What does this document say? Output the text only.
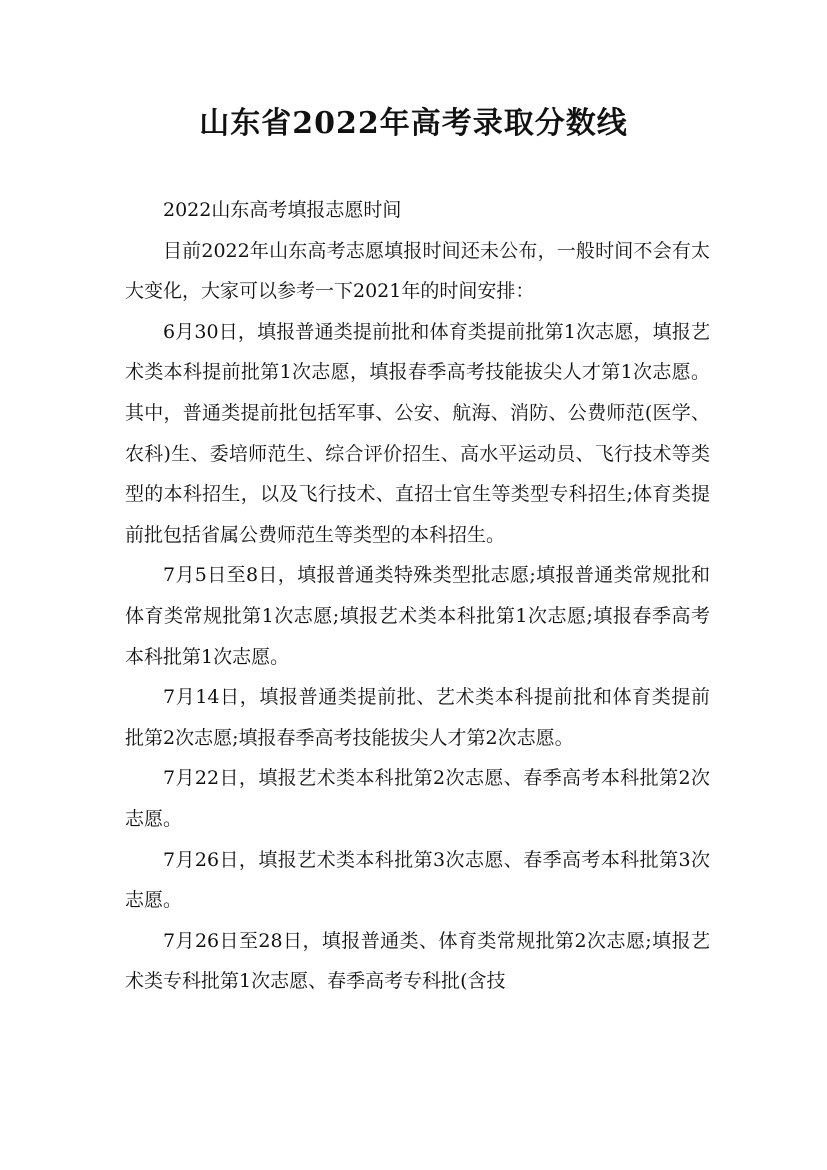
山东省2022年高考录取分数线

2022山东高考填报志愿时间

目前2022年山东高考志愿填报时间还未公布，一般时间不会有太大变化，大家可以参考一下2021年的时间安排：

6月30日，填报普通类提前批和体育类提前批第1次志愿，填报艺术类本科提前批第1次志愿，填报春季高考技能拔尖人才第1次志愿。其中，普通类提前批包括军事、公安、航海、消防、公费师范(医学、农科)生、委培师范生、综合评价招生、高水平运动员、飞行技术等类型的本科招生，以及飞行技术、直招士官生等类型专科招生;体育类提前批包括省属公费师范生等类型的本科招生。

7月5日至8日，填报普通类特殊类型批志愿;填报普通类常规批和体育类常规批第1次志愿;填报艺术类本科批第1次志愿;填报春季高考本科批第1次志愿。

7月14日，填报普通类提前批、艺术类本科提前批和体育类提前批第2次志愿;填报春季高考技能拔尖人才第2次志愿。

7月22日，填报艺术类本科批第2次志愿、春季高考本科批第2次志愿。

7月26日，填报艺术类本科批第3次志愿、春季高考本科批第3次志愿。

7月26日至28日，填报普通类、体育类常规批第2次志愿;填报艺术类专科批第1次志愿、春季高考专科批(含技
